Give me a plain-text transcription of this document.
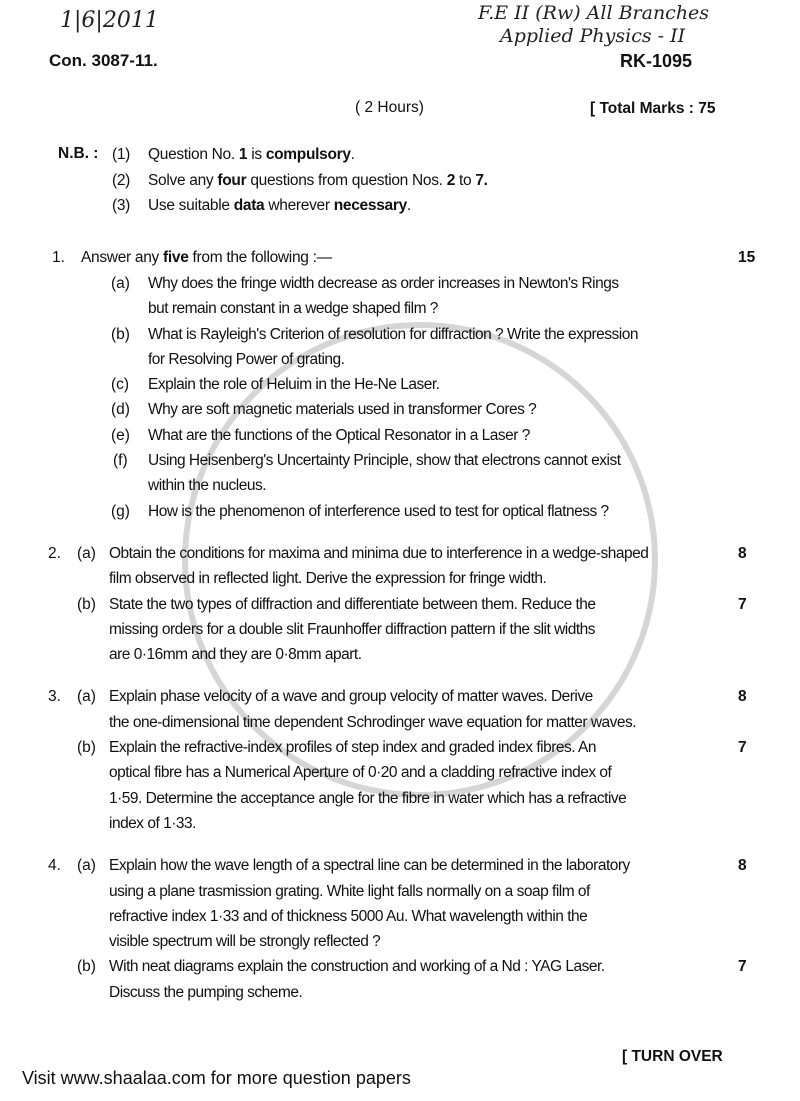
1|6|2011	F.E II (Rw) All Branches
Applied Physics - II
Con. 3087-11.	RK-1095
( 2 Hours)	[ Total Marks : 75
N.B. : (1) Question No. 1 is compulsory.
(2) Solve any four questions from question Nos. 2 to 7.
(3) Use suitable data wherever necessary.
1. Answer any five from the following :—	15
(a) Why does the fringe width decrease as order increases in Newton's Rings
but remain constant in a wedge shaped film ?
(b) What is Rayleigh's Criterion of resolution for diffraction ? Write the expression
for Resolving Power of grating.
(c) Explain the role of Heluim in the He-Ne Laser.
(d) Why are soft magnetic materials used in transformer Cores ?
(e) What are the functions of the Optical Resonator in a Laser ?
(f) Using Heisenberg's Uncertainty Principle, show that electrons cannot exist
within the nucleus.
(g) How is the phenomenon of interference used to test for optical flatness ?
2. (a)	8
Obtain the conditions for maxima and minima due to interference in a wedge-shaped
film observed in reflected light. Derive the expression for fringe width.
(b)	7
State the two types of diffraction and differentiate between them. Reduce the
missing orders for a double slit Fraunhoffer diffraction pattern if the slit widths
are 0·16mm and they are 0·8mm apart.
3. (a)	8
Explain phase velocity of a wave and group velocity of matter waves. Derive
the one-dimensional time dependent Schrodinger wave equation for matter waves.
(b)	7
Explain the refractive-index profiles of step index and graded index fibres. An
optical fibre has a Numerical Aperture of 0·20 and a cladding refractive index of
1·59. Determine the acceptance angle for the fibre in water which has a refractive
index of 1·33.
4. (a)	8
Explain how the wave length of a spectral line can be determined in the laboratory
using a plane trasmission grating. White light falls normally on a soap film of
refractive index 1·33 and of thickness 5000 Au. What wavelength within the
visible spectrum will be strongly reflected ?
(b)	7
With neat diagrams explain the construction and working of a Nd : YAG Laser.
Discuss the pumping scheme.
[ TURN OVER
Visit www.shaalaa.com for more question papers
